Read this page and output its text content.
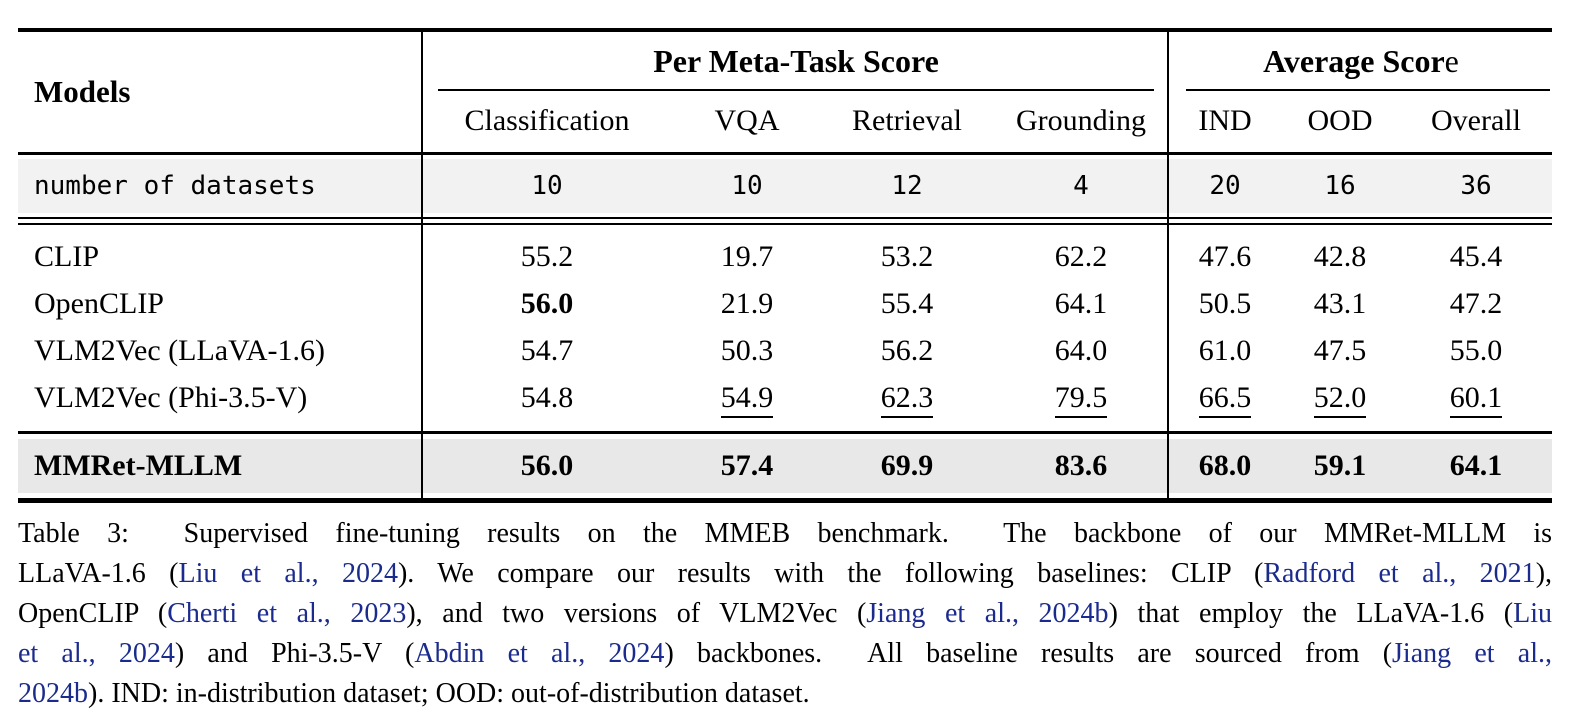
Models
Per Meta-Task Score	Average Score
Classification	VQA	Retrieval	Grounding	IND	OOD	Overall
number of datasets	10	10	12	4	20	16	36
CLIP	55.2	19.7	53.2	62.2	47.6	42.8	45.4
OpenCLIP	56.0	21.9	55.4	64.1	50.5	43.1	47.2
VLM2Vec (LLaVA-1.6)	54.7	50.3	56.2	64.0	61.0	47.5	55.0
VLM2Vec (Phi-3.5-V)	54.8	54.9	62.3	79.5	66.5	52.0	60.1
MMRet-MLLM	56.0	57.4	69.9	83.6	68.0	59.1	64.1
Table 3:  Supervised fine-tuning results on the MMEB benchmark.  The backbone of our MMRet-MLLM is
LLaVA-1.6 (Liu et al., 2024). We compare our results with the following baselines: CLIP (Radford et al., 2021),
OpenCLIP (Cherti et al., 2023), and two versions of VLM2Vec (Jiang et al., 2024b) that employ the LLaVA-1.6 (Liu
et al., 2024) and Phi-3.5-V (Abdin et al., 2024) backbones.  All baseline results are sourced from (Jiang et al.,
2024b). IND: in-distribution dataset; OOD: out-of-distribution dataset.
